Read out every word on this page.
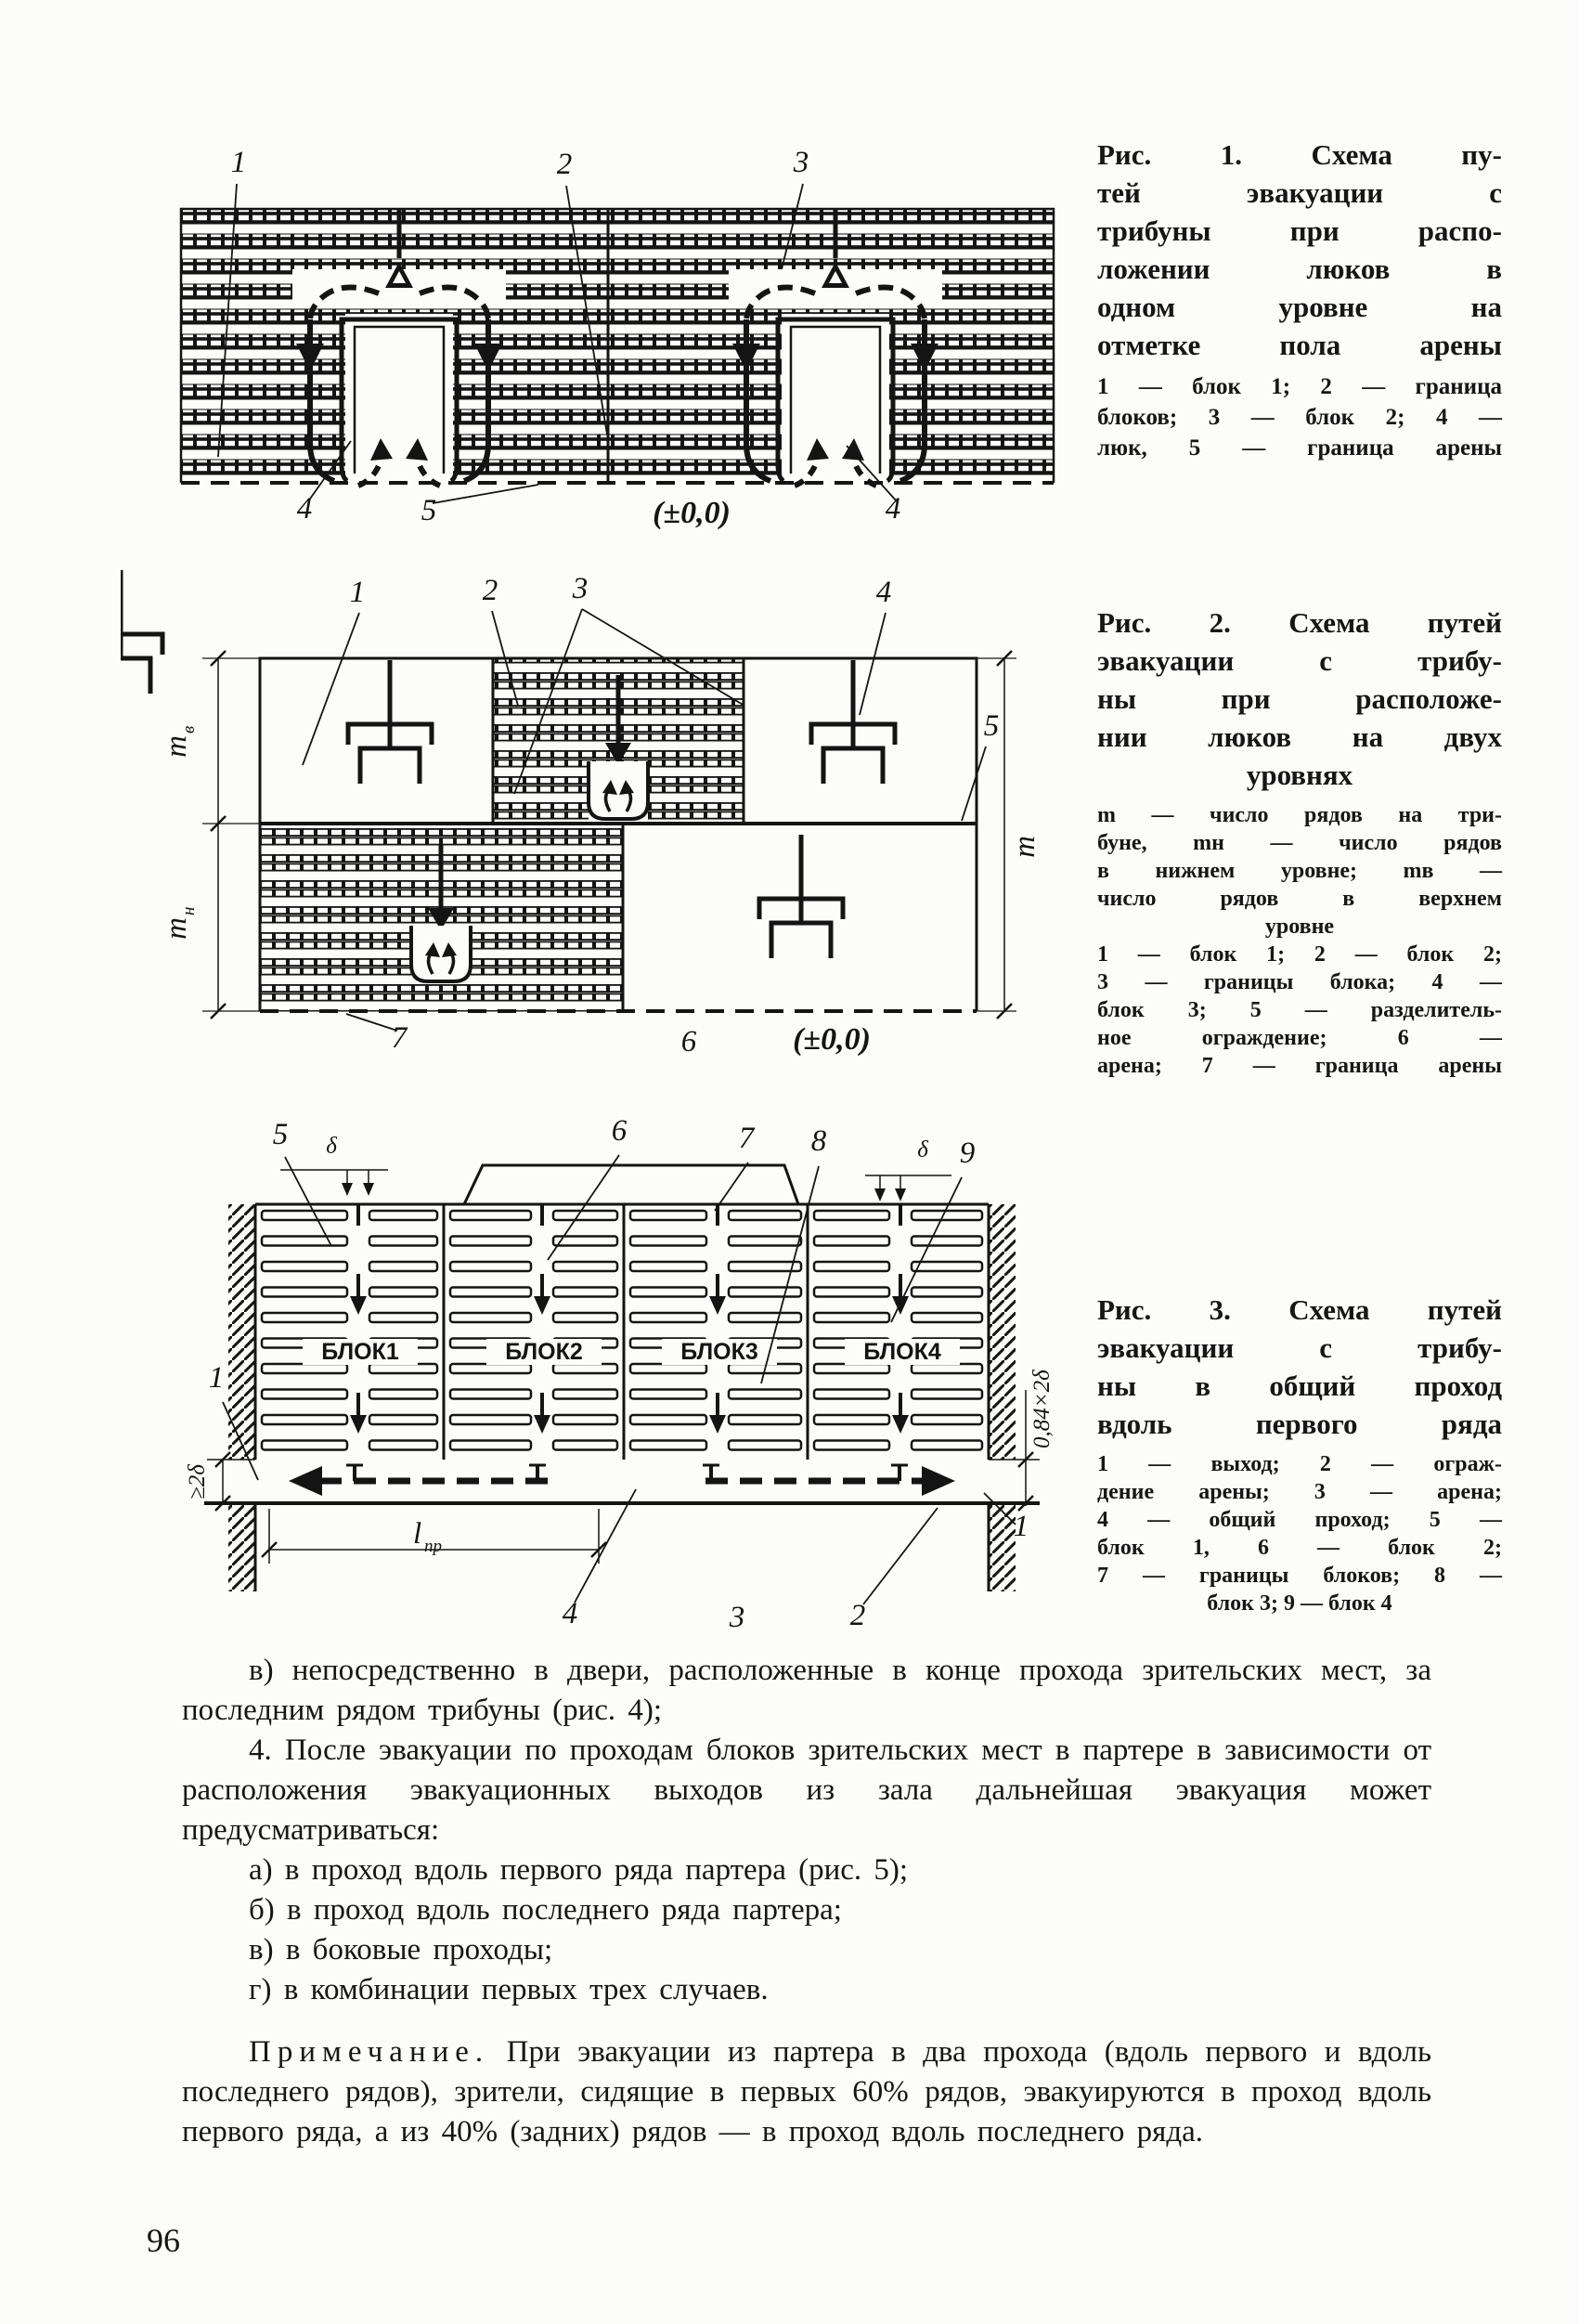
1	2	3
4	5	(±0,0)	4
m
в
m
н
m
1	2 3	4
5
7	6	(±0,0)
БЛОК1	БЛОК2	БЛОК3	БЛОК4
≥2δ
0,84×2δ
l пр
δ	δ
5	6	7 8	9
1
1
4	3	2
Рис. 1. Схема пу-
тей эвакуации с
трибуны при распо-
ложении люков в
одном уровне на
отметке пола арены
1 — блок 1; 2 — граница
блоков; 3 — блок 2; 4 —
люк, 5 — граница арены
Рис. 2. Схема путей
эвакуации с трибу-
ны при расположе-
нии люков на двух
уровнях
m — число рядов на три-
буне, mн — число рядов
в нижнем уровне; mв —
число рядов в верхнем
уровне
1 — блок 1; 2 — блок 2;
3 — границы блока; 4 —
блок 3; 5 — разделитель-
ное ограждение; 6 —
арена; 7 — граница арены
Рис. 3. Схема путей
эвакуации с трибу-
ны в общий проход
вдоль первого ряда
1 — выход; 2 — ограж-
дение арены; 3 — арена;
4 — общий проход; 5 —
блок 1, 6 — блок 2;
7 — границы блоков; 8 —
блок 3; 9 — блок 4
в) непосредственно в двери, расположенные в конце прохода зрительских мест, за последним рядом трибуны (рис. 4);
4. После эвакуации по проходам блоков зрительских мест в партере в зависимости от расположения эвакуационных выходов из зала дальнейшая эвакуация может предусматриваться:
а) в проход вдоль первого ряда партера (рис. 5);
б) в проход вдоль последнего ряда партера;
в) в боковые проходы;
г) в комбинации первых трех случаев.
Примечание. При эвакуации из партера в два прохода (вдоль первого и вдоль последнего рядов), зрители, сидящие в первых 60% рядов, эвакуируются в проход вдоль первого ряда, а из 40% (задних) рядов — в проход вдоль последнего ряда.
96
